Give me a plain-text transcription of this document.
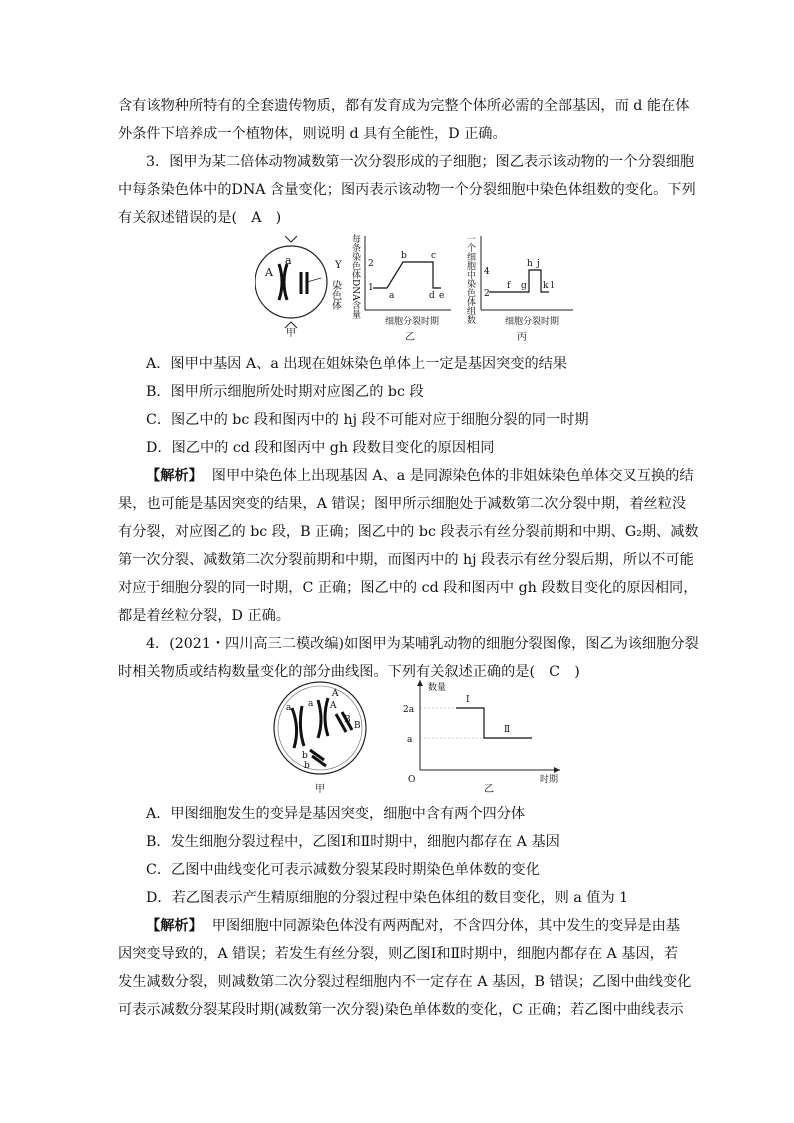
含有该物种所特有的全套遗传物质，都有发育成为完整个体所必需的全部基因，而 d 能在体
外条件下培养成一个植物体，则说明 d 具有全能性，D 正确。
3．图甲为某二倍体动物减数第一次分裂形成的子细胞；图乙表示该动物的一个分裂细胞
中每条染色体中的DNA 含量变化；图丙表示该动物一个分裂细胞中染色体组数的变化。下列
有关叙述错误的是(　A　)
A
a
甲
Y
染色体 每条染色体DNA含量 2
1
a
b	c
d e
细胞分裂时期
乙
一个细胞中染色体组数 4
2
f g
h j
k l
细胞分裂时期
丙
A．图甲中基因 A、a 出现在姐妹染色单体上一定是基因突变的结果
B．图甲所示细胞所处时期对应图乙的 bc 段
C．图乙中的 bc 段和图丙中的 hj 段不可能对应于细胞分裂的同一时期
D．图乙中的 cd 段和图丙中 gh 段数目变化的原因相同
【解析】 图甲中染色体上出现基因 A、a 是同源染色体的非姐妹染色单体交叉互换的结
果，也可能是基因突变的结果，A 错误；图甲所示细胞处于减数第二次分裂中期，着丝粒没
有分裂，对应图乙的 bc 段，B 正确；图乙中的 bc 段表示有丝分裂前期和中期、G₂期、减数
第一次分裂、减数第二次分裂前期和中期，而图丙中的 hj 段表示有丝分裂后期，所以不可能
对应于细胞分裂的同一时期，C 正确；图乙中的 cd 段和图丙中 gh 段数目变化的原因相同，
都是着丝粒分裂，D 正确。
4．(2021・四川高三二模改编)如图甲为某哺乳动物的细胞分裂图像，图乙为该细胞分裂
时相关物质或结构数量变化的部分曲线图。下列有关叙述正确的是(　C　)
a a
A
A
B
B
b
b
甲
数量
2a
a
O
Ⅰ
Ⅱ
时期
乙
A．甲图细胞发生的变异是基因突变，细胞中含有两个四分体
B．发生细胞分裂过程中，乙图Ⅰ和Ⅱ时期中，细胞内都存在 A 基因
C．乙图中曲线变化可表示减数分裂某段时期染色单体数的变化
D．若乙图表示产生精原细胞的分裂过程中染色体组的数目变化，则 a 值为 1
【解析】 甲图细胞中同源染色体没有两两配对，不含四分体，其中发生的变异是由基
因突变导致的，A 错误；若发生有丝分裂，则乙图Ⅰ和Ⅱ时期中，细胞内都存在 A 基因，若
发生减数分裂，则减数第二次分裂过程细胞内不一定存在 A 基因，B 错误；乙图中曲线变化
可表示减数分裂某段时期(减数第一次分裂)染色单体数的变化，C 正确；若乙图中曲线表示
